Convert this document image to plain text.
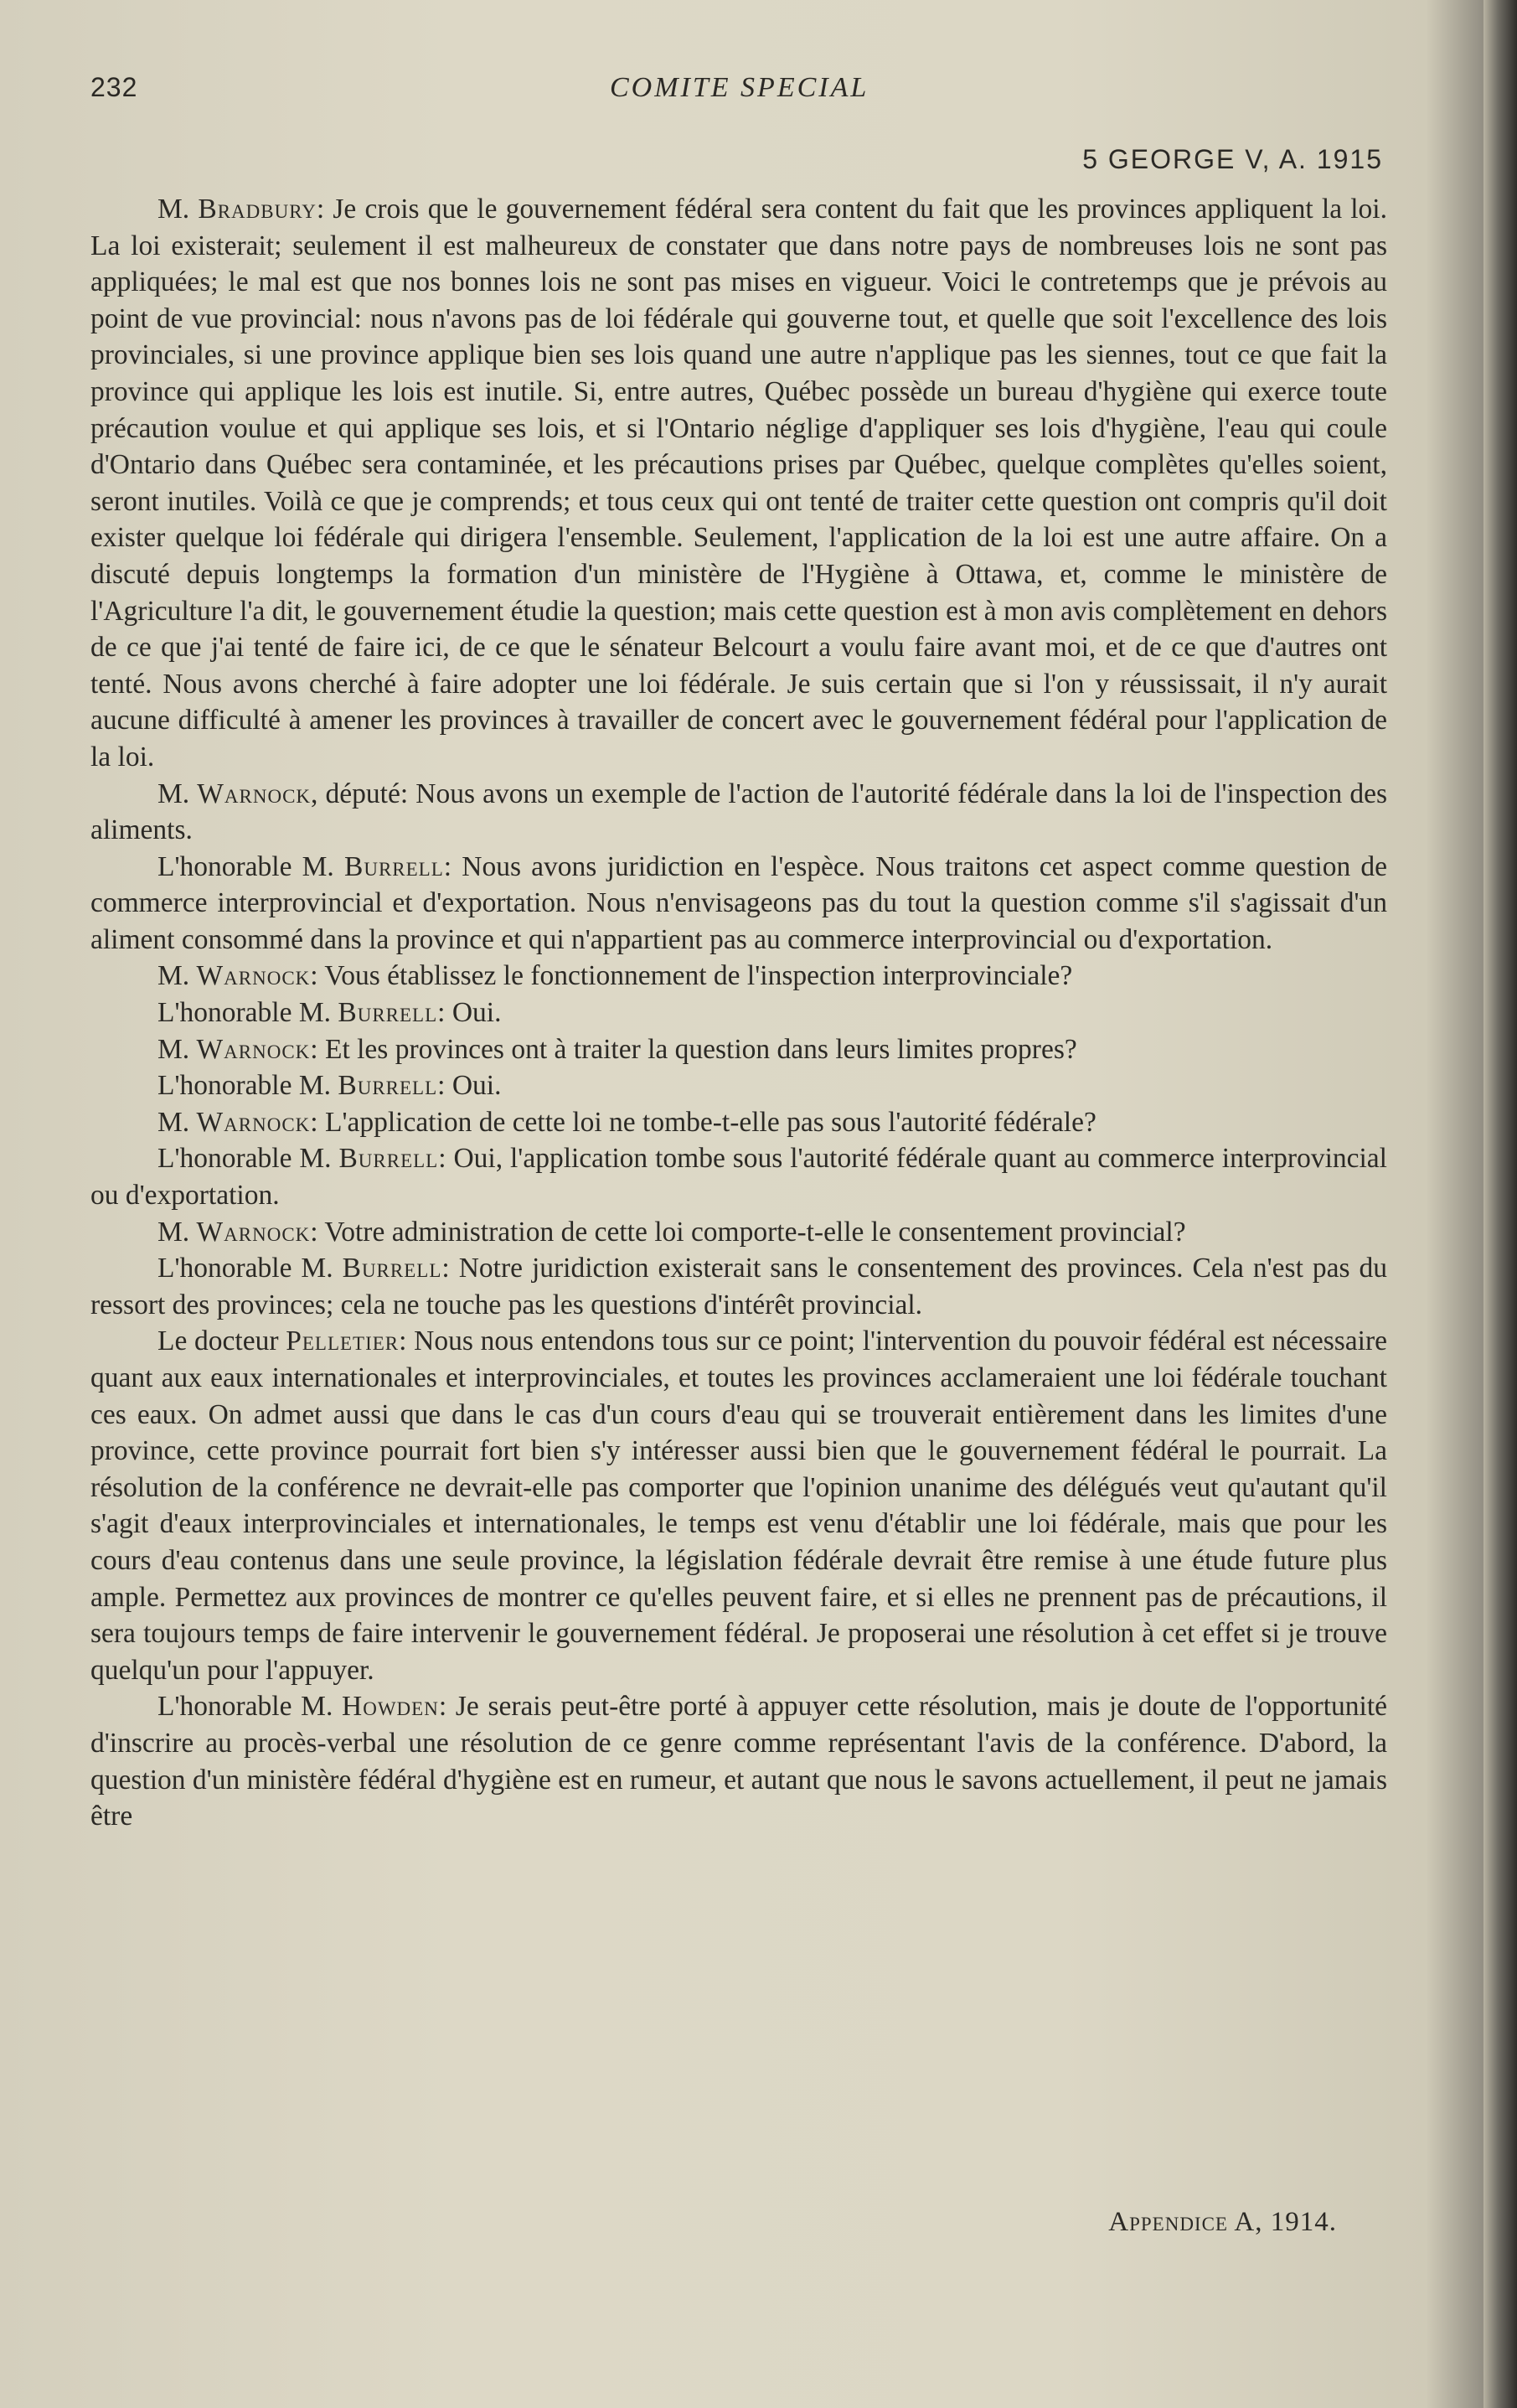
232	COMITE SPECIAL
5 GEORGE V, A. 1915

M. Bradbury: Je crois que le gouvernement fédéral sera content du fait que les provinces appliquent la loi. La loi existerait; seulement il est malheureux de constater que dans notre pays de nombreuses lois ne sont pas appliquées; le mal est que nos bonnes lois ne sont pas mises en vigueur. Voici le contretemps que je prévois au point de vue provincial: nous n'avons pas de loi fédérale qui gouverne tout, et quelle que soit l'excellence des lois provinciales, si une province applique bien ses lois quand une autre n'applique pas les siennes, tout ce que fait la province qui applique les lois est inutile. Si, entre autres, Québec possède un bureau d'hygiène qui exerce toute précaution voulue et qui applique ses lois, et si l'Ontario néglige d'appliquer ses lois d'hygiène, l'eau qui coule d'Ontario dans Québec sera contaminée, et les précautions prises par Québec, quelque complètes qu'elles soient, seront inutiles. Voilà ce que je comprends; et tous ceux qui ont tenté de traiter cette question ont compris qu'il doit exister quelque loi fédérale qui dirigera l'ensemble. Seulement, l'application de la loi est une autre affaire. On a discuté depuis longtemps la formation d'un ministère de l'Hygiène à Ottawa, et, comme le ministère de l'Agriculture l'a dit, le gouvernement étudie la question; mais cette question est à mon avis complètement en dehors de ce que j'ai tenté de faire ici, de ce que le sénateur Belcourt a voulu faire avant moi, et de ce que d'autres ont tenté. Nous avons cherché à faire adopter une loi fédérale. Je suis certain que si l'on y réussissait, il n'y aurait aucune difficulté à amener les provinces à travailler de concert avec le gouvernement fédéral pour l'application de la loi.

M. Warnock, député: Nous avons un exemple de l'action de l'autorité fédérale dans la loi de l'inspection des aliments.

L'honorable M. Burrell: Nous avons juridiction en l'espèce. Nous traitons cet aspect comme question de commerce interprovincial et d'exportation. Nous n'envisageons pas du tout la question comme s'il s'agissait d'un aliment consommé dans la province et qui n'appartient pas au commerce interprovincial ou d'exportation.

M. Warnock: Vous établissez le fonctionnement de l'inspection interprovinciale?

L'honorable M. Burrell: Oui.

M. Warnock: Et les provinces ont à traiter la question dans leurs limites propres?

L'honorable M. Burrell: Oui.

M. Warnock: L'application de cette loi ne tombe-t-elle pas sous l'autorité fédérale?

L'honorable M. Burrell: Oui, l'application tombe sous l'autorité fédérale quant au commerce interprovincial ou d'exportation.

M. Warnock: Votre administration de cette loi comporte-t-elle le consentement provincial?

L'honorable M. Burrell: Notre juridiction existerait sans le consentement des provinces. Cela n'est pas du ressort des provinces; cela ne touche pas les questions d'intérêt provincial.

Le docteur Pelletier: Nous nous entendons tous sur ce point; l'intervention du pouvoir fédéral est nécessaire quant aux eaux internationales et interprovinciales, et toutes les provinces acclameraient une loi fédérale touchant ces eaux. On admet aussi que dans le cas d'un cours d'eau qui se trouverait entièrement dans les limites d'une province, cette province pourrait fort bien s'y intéresser aussi bien que le gouvernement fédéral le pourrait. La résolution de la conférence ne devrait-elle pas comporter que l'opinion unanime des délégués veut qu'autant qu'il s'agit d'eaux interprovinciales et internationales, le temps est venu d'établir une loi fédérale, mais que pour les cours d'eau contenus dans une seule province, la législation fédérale devrait être remise à une étude future plus ample. Permettez aux provinces de montrer ce qu'elles peuvent faire, et si elles ne prennent pas de précautions, il sera toujours temps de faire intervenir le gouvernement fédéral. Je proposerai une résolution à cet effet si je trouve quelqu'un pour l'appuyer.

L'honorable M. Howden: Je serais peut-être porté à appuyer cette résolution, mais je doute de l'opportunité d'inscrire au procès-verbal une résolution de ce genre comme représentant l'avis de la conférence. D'abord, la question d'un ministère fédéral d'hygiène est en rumeur, et autant que nous le savons actuellement, il peut ne jamais être

Appendice A, 1914.
